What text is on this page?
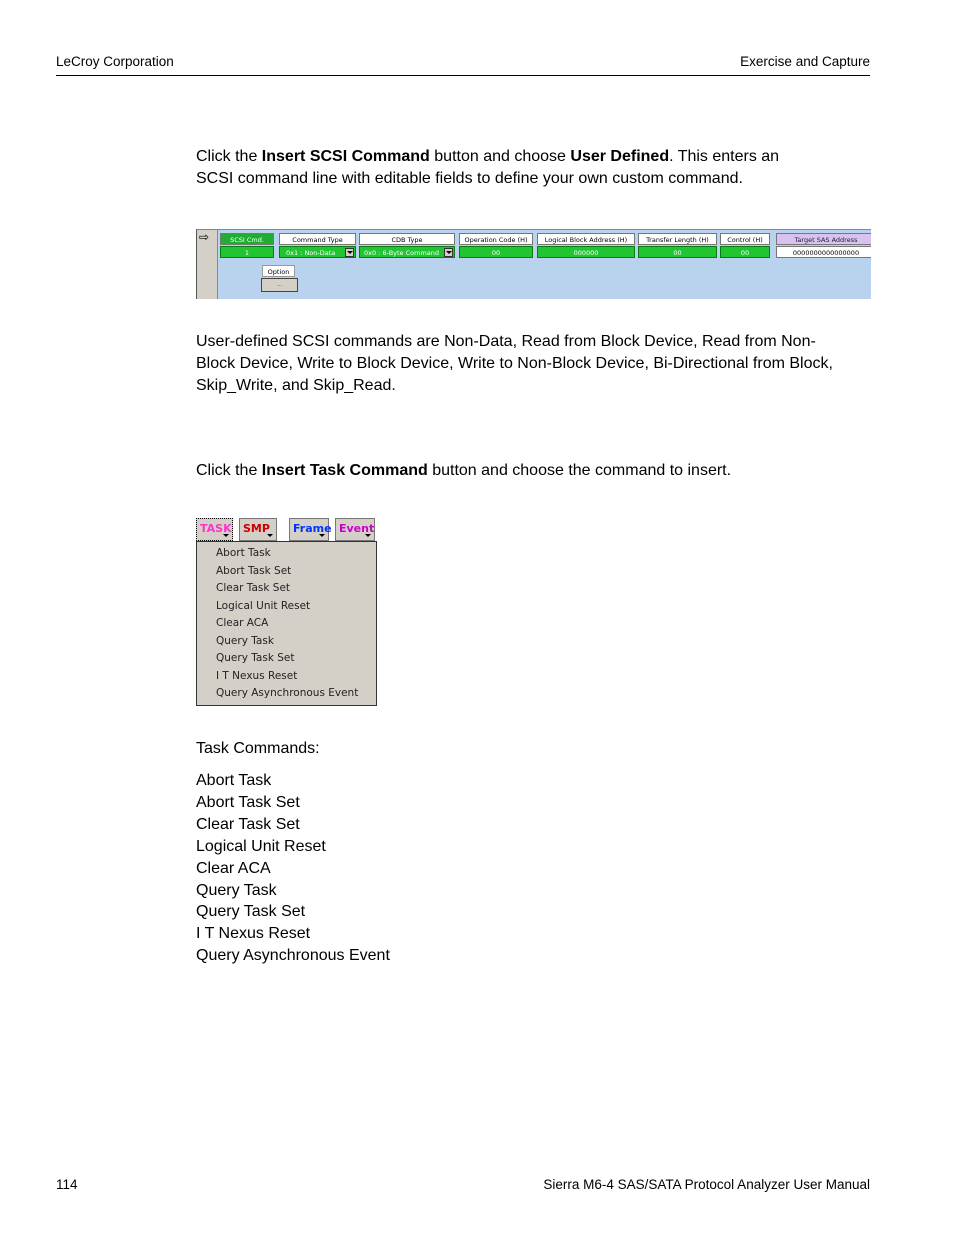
LeCroy Corporation	Exercise and Capture
Click the Insert SCSI Command button and choose User Defined. This enters an
SCSI command line with editable fields to define your own custom command.
⇨	SCSI Cmd.	Command Type	CDB Type	Operation Code (H)	Logical Block Address (H)	Transfer Length (H)	Control (H)	Target SAS Address
1	0x1 : Non-Data	0x0 : 6-Byte Command	00	000000	00	00	0000000000000000
Option
...
User-defined SCSI commands are Non-Data, Read from Block Device, Read from Non-
Block Device, Write to Block Device, Write to Non-Block Device, Bi-Directional from Block,
Skip_Write, and Skip_Read.
Click the Insert Task Command button and choose the command to insert.
TASK	SMP	Frame Event
Abort Task
Abort Task Set
Clear Task Set
Logical Unit Reset
Clear ACA
Query Task
Query Task Set
I T Nexus Reset
Query Asynchronous Event
Task Commands:
Abort Task
Abort Task Set
Clear Task Set
Logical Unit Reset
Clear ACA
Query Task
Query Task Set
I T Nexus Reset
Query Asynchronous Event
114	Sierra M6-4 SAS/SATA Protocol Analyzer User Manual
